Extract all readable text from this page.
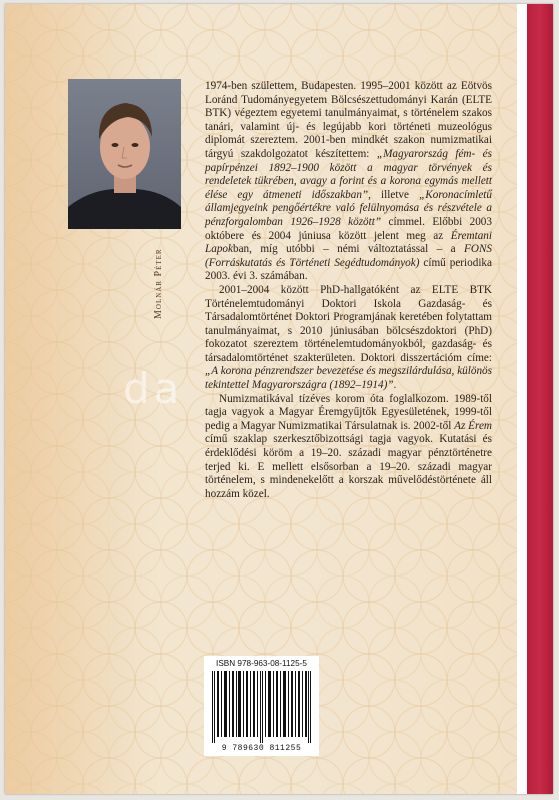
Molnár Péter
da

1974-ben születtem, Budapesten. 1995–2001 között az Eötvös Loránd Tudományegyetem Bölcsészettudományi Karán (ELTE BTK) végeztem egyetemi tanulmányaimat, s történelem szakos tanári, valamint új- és legújabb kori történeti muzeológus diplomát szereztem. 2001-ben mindkét szakon numizmatikai tárgyú szakdolgozatot készítettem: „Magyarország fém- és papírpénzei 1892–1900 között a magyar törvények és rendeletek tükrében, avagy a forint és a korona egymás mellett élése egy átmeneti időszakban”, illetve „Koronacímletű államjegyeink pengőértékre való felülnyomása és részvétele a pénzforgalomban 1926–1928 között” címmel. Előbbi 2003 októbere és 2004 júniusa között jelent meg az Éremtani Lapokban, míg utóbbi – némi változtatással – a FONS (Forráskutatás és Történeti Segédtudományok) című periodika 2003. évi 3. számában.

2001–2004 között PhD-hallgatóként az ELTE BTK Történelemtudományi Doktori Iskola Gazdaság- és Társadalomtörténet Doktori Programjának keretében folytattam tanulmányaimat, s 2010 júniusában bölcsészdoktori (PhD) fokozatot szereztem történelemtudományokból, gazdaság- és társadalomtörténet szakterületen. Doktori disszertációm címe: „A korona pénzrendszer bevezetése és megszilárdulása, különös tekintettel Magyarországra (1892–1914)”.

Numizmatikával tízéves korom óta foglalkozom. 1989-től tagja vagyok a Magyar Éremgyűjtők Egyesületének, 1999-től pedig a Magyar Numizmatikai Társulatnak is. 2002-től Az Érem című szaklap szerkesztőbizottsági tagja vagyok. Kutatási és érdeklődési köröm a 19–20. századi magyar pénztörténetre terjed ki. E mellett elsősorban a 19–20. századi magyar történelem, s mindenekelőtt a korszak művelődéstörténete áll hozzám közel.

ISBN 978-963-08-1125-5
9 789630 811255
